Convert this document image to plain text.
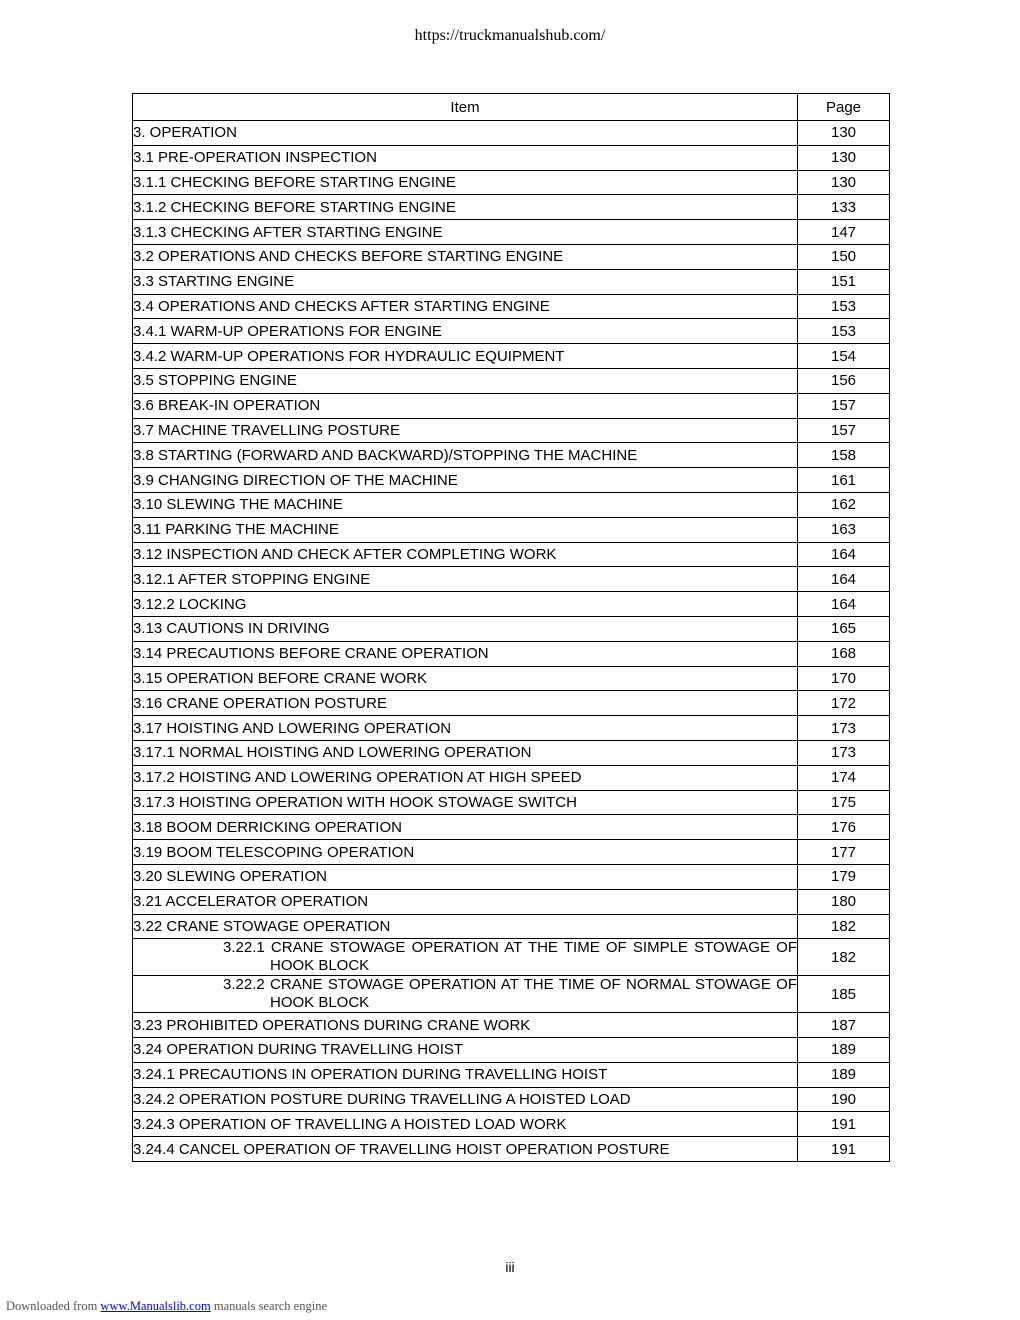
https://truckmanualshub.com/
Item	Page
3. OPERATION	130
3.1 PRE-OPERATION INSPECTION	130
3.1.1 CHECKING BEFORE STARTING ENGINE	130
3.1.2 CHECKING BEFORE STARTING ENGINE	133
3.1.3 CHECKING AFTER STARTING ENGINE	147
3.2 OPERATIONS AND CHECKS BEFORE STARTING ENGINE	150
3.3 STARTING ENGINE	151
3.4 OPERATIONS AND CHECKS AFTER STARTING ENGINE	153
3.4.1 WARM-UP OPERATIONS FOR ENGINE	153
3.4.2 WARM-UP OPERATIONS FOR HYDRAULIC EQUIPMENT	154
3.5 STOPPING ENGINE	156
3.6 BREAK-IN OPERATION	157
3.7 MACHINE TRAVELLING POSTURE	157
3.8 STARTING (FORWARD AND BACKWARD)/STOPPING THE MACHINE	158
3.9 CHANGING DIRECTION OF THE MACHINE	161
3.10 SLEWING THE MACHINE	162
3.11 PARKING THE MACHINE	163
3.12 INSPECTION AND CHECK AFTER COMPLETING WORK	164
3.12.1 AFTER STOPPING ENGINE	164
3.12.2 LOCKING	164
3.13 CAUTIONS IN DRIVING	165
3.14 PRECAUTIONS BEFORE CRANE OPERATION	168
3.15 OPERATION BEFORE CRANE WORK	170
3.16 CRANE OPERATION POSTURE	172
3.17 HOISTING AND LOWERING OPERATION	173
3.17.1 NORMAL HOISTING AND LOWERING OPERATION	173
3.17.2 HOISTING AND LOWERING OPERATION AT HIGH SPEED	174
3.17.3 HOISTING OPERATION WITH HOOK STOWAGE SWITCH	175
3.18 BOOM DERRICKING OPERATION	176
3.19 BOOM TELESCOPING OPERATION	177
3.20 SLEWING OPERATION	179
3.21 ACCELERATOR OPERATION	180
3.22 CRANE STOWAGE OPERATION	182
3.22.1 CRANE STOWAGE OPERATION AT THE TIME OF SIMPLE STOWAGE OF HOOK BLOCK	182
3.22.2 CRANE STOWAGE OPERATION AT THE TIME OF NORMAL STOWAGE OF HOOK BLOCK	185
3.23 PROHIBITED OPERATIONS DURING CRANE WORK	187
3.24 OPERATION DURING TRAVELLING HOIST	189
3.24.1 PRECAUTIONS IN OPERATION DURING TRAVELLING HOIST	189
3.24.2 OPERATION POSTURE DURING TRAVELLING A HOISTED LOAD	190
3.24.3 OPERATION OF TRAVELLING A HOISTED LOAD WORK	191
3.24.4 CANCEL OPERATION OF TRAVELLING HOIST OPERATION POSTURE	191
iii
Downloaded from www.Manualslib.com manuals search engine
